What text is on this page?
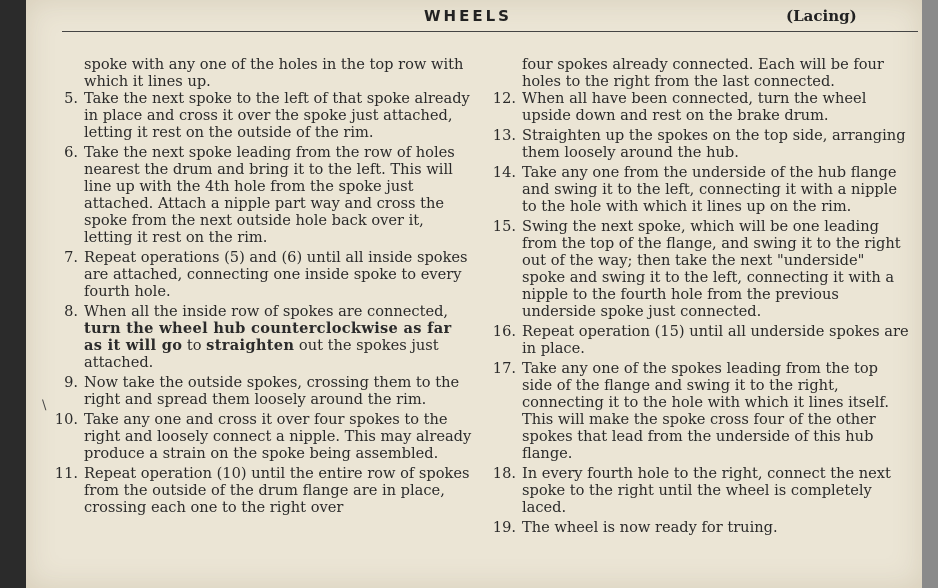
WHEELS	(Lacing)
\

spoke with any one of the holes in the top row with which it lines up.

5. Take the next spoke to the left of that spoke already in place and cross it over the spoke just attached, letting it rest on the outside of the rim.
6. Take the next spoke leading from the row of holes nearest the drum and bring it to the left. This will line up with the 4th hole from the spoke just attached. Attach a nipple part way and cross the spoke from the next outside hole back over it, letting it rest on the rim.
7. Repeat operations (5) and (6) until all inside spokes are attached, connecting one inside spoke to every fourth hole.
8. When all the inside row of spokes are connected, turn the wheel hub counterclockwise as far as it will go to straighten out the spokes just attached.
9. Now take the outside spokes, crossing them to the right and spread them loosely around the rim.
10. Take any one and cross it over four spokes to the right and loosely connect a nipple. This may already produce a strain on the spoke being assembled.
11. Repeat operation (10) until the entire row of spokes from the outside of the drum flange are in place, crossing each one to the right over

four spokes already connected. Each will be four holes to the right from the last connected.

12. When all have been connected, turn the wheel upside down and rest on the brake drum.
13. Straighten up the spokes on the top side, arranging them loosely around the hub.
14. Take any one from the underside of the hub flange and swing it to the left, connecting it with a nipple to the hole with which it lines up on the rim.
15. Swing the next spoke, which will be one leading from the top of the flange, and swing it to the right out of the way; then take the next "underside" spoke and swing it to the left, connecting it with a nipple to the fourth hole from the previous underside spoke just connected.
16. Repeat operation (15) until all underside spokes are in place.
17. Take any one of the spokes leading from the top side of the flange and swing it to the right, connecting it to the hole with which it lines itself. This will make the spoke cross four of the other spokes that lead from the underside of this hub flange.
18. In every fourth hole to the right, connect the next spoke to the right until the wheel is completely laced.
19. The wheel is now ready for truing.
